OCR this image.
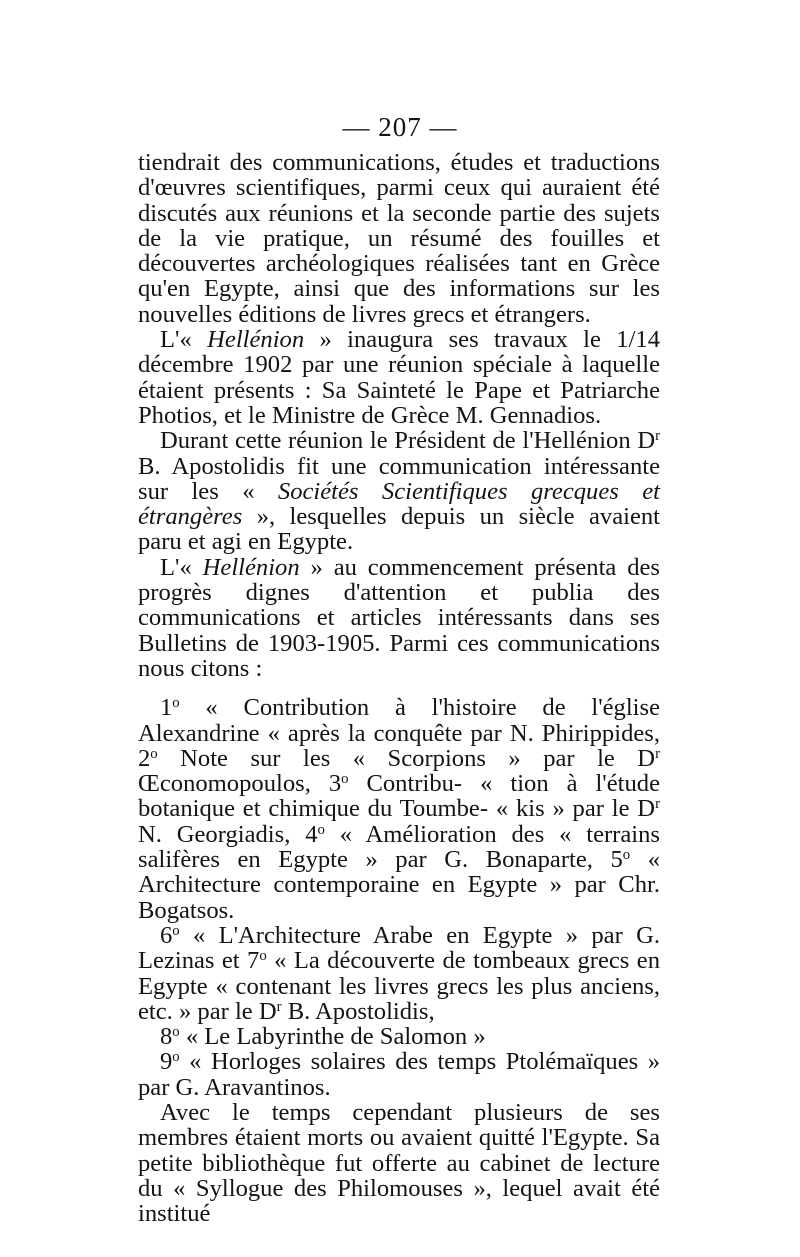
— 207 —

tiendrait des communications, études et traductions d'œuvres scientifiques, parmi ceux qui auraient été discutés aux réunions et la seconde partie des sujets de la vie pratique, un résumé des fouilles et découvertes archéologiques réalisées tant en Grèce qu'en Egypte, ainsi que des informations sur les nouvelles éditions de livres grecs et étrangers.

L'« Hellénion » inaugura ses travaux le 1/14 décembre 1902 par une réunion spéciale à laquelle étaient présents : Sa Sainteté le Pape et Patriarche Photios, et le Ministre de Grèce M. Gennadios.

Durant cette réunion le Président de l'Hellénion $D^r$ B. Apostolidis fit une communication intéressante sur les « Sociétés Scientifiques grecques et étrangères », lesquelles depuis un siècle avaient paru et agi en Egypte.

L'« Hellénion » au commencement présenta des progrès dignes d'attention et publia des communications et articles intéressants dans ses Bulletins de 1903-1905. Parmi ces communications nous citons :

1$^o$ « Contribution à l'histoire de l'église Alexandrine « après la conquête par N. Phirippides, 2$^o$ Note sur les « Scorpions » par le $D^r$ Œconomopoulos, 3$^o$ Contribu- « tion à l'étude botanique et chimique du Toumbe- « kis » par le $D^r$ N. Georgiadis, 4$^o$ « Amélioration des « terrains salifères en Egypte » par G. Bonaparte, 5$^o$ « Architecture contemporaine en Egypte » par Chr. Bogatsos.

6$^o$ « L'Architecture Arabe en Egypte » par G. Lezinas et 7$^o$ « La découverte de tombeaux grecs en Egypte « contenant les livres grecs les plus anciens, etc. » par le $D^r$ B. Apostolidis,

8$^o$ « Le Labyrinthe de Salomon »

9$^o$ « Horloges solaires des temps Ptolémaïques » par G. Aravantinos.

Avec le temps cependant plusieurs de ses membres étaient morts ou avaient quitté l'Egypte. Sa petite bibliothèque fut offerte au cabinet de lecture du « Syllogue des Philomouses », lequel avait été institué
